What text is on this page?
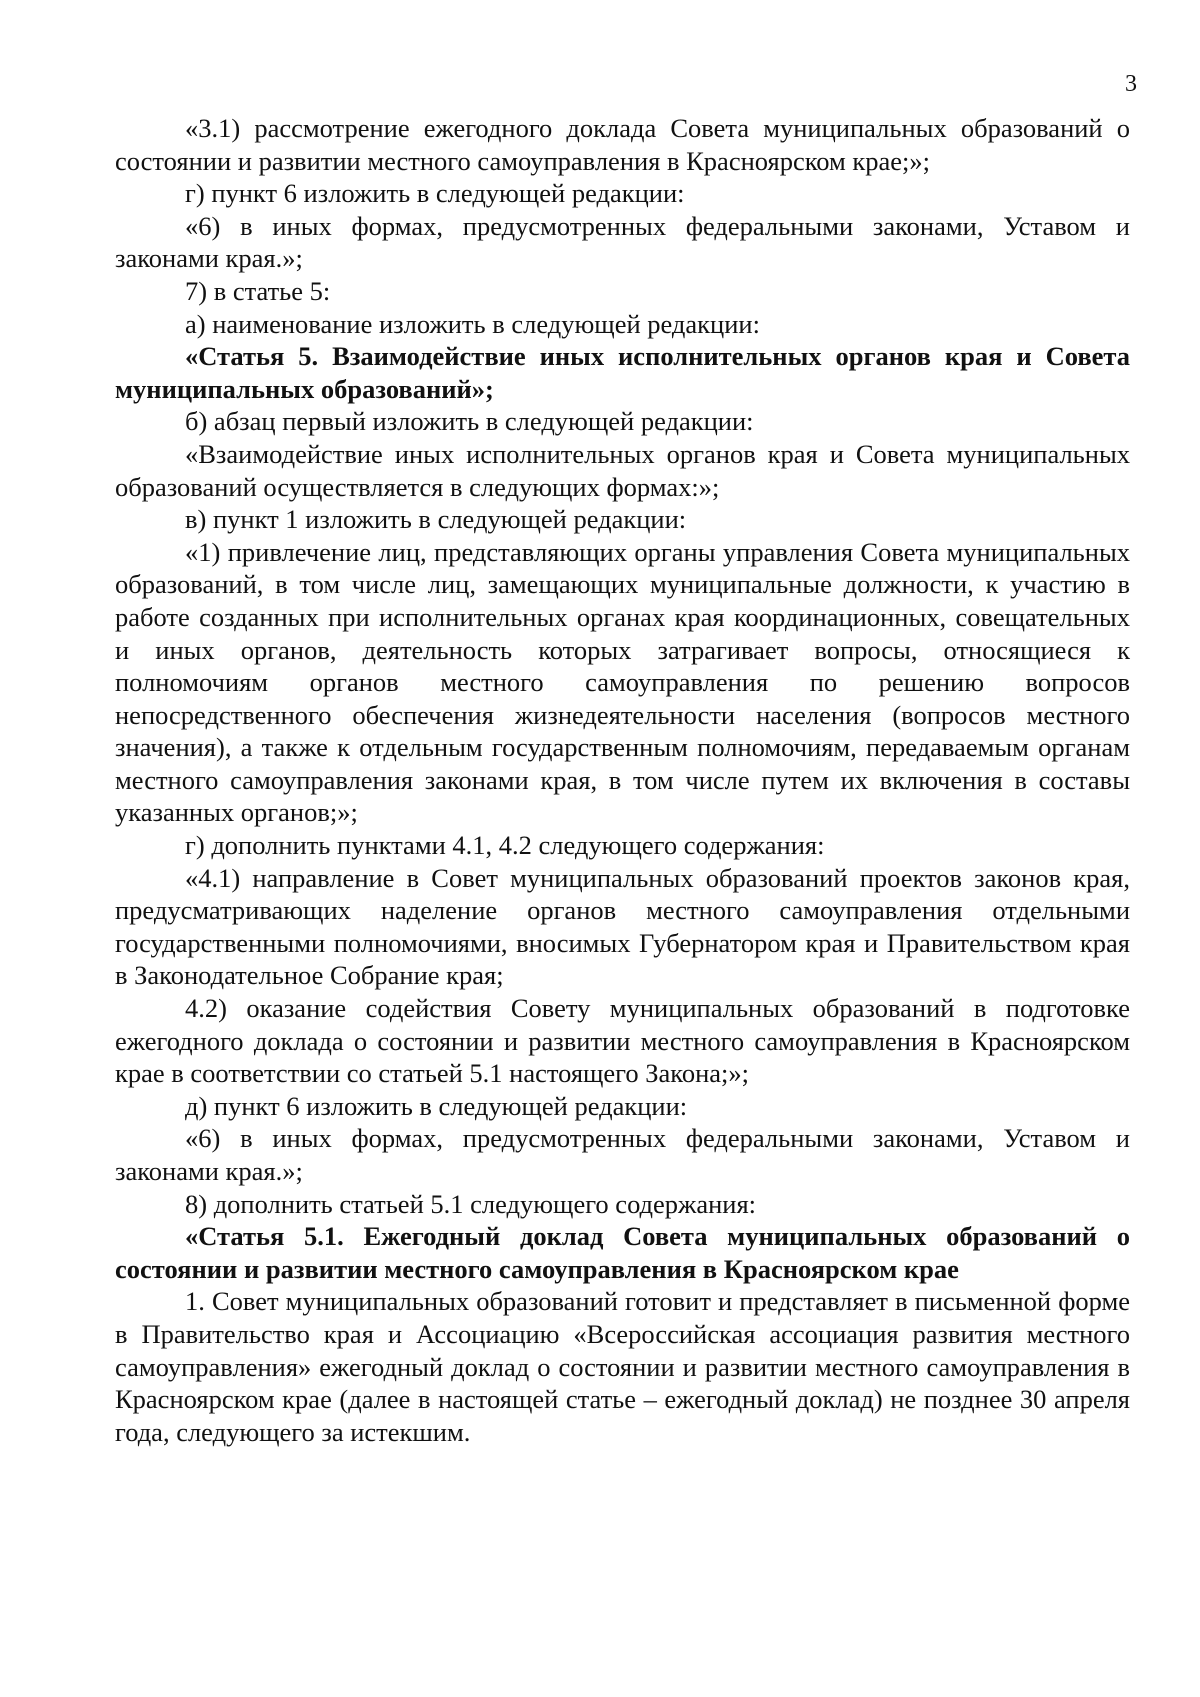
3

«3.1) рассмотрение ежегодного доклада Совета муниципальных образований о состоянии и развитии местного самоуправления в Красноярском крае;»;

г) пункт 6 изложить в следующей редакции:

«6) в иных формах, предусмотренных федеральными законами, Уставом и законами края.»;

7) в статье 5:

а) наименование изложить в следующей редакции:

«Статья 5. Взаимодействие иных исполнительных органов края и Совета муниципальных образований»;

б) абзац первый изложить в следующей редакции:

«Взаимодействие иных исполнительных органов края и Совета муниципальных образований осуществляется в следующих формах:»;

в) пункт 1 изложить в следующей редакции:

«1) привлечение лиц, представляющих органы управления Совета муниципальных образований, в том числе лиц, замещающих муниципальные должности, к участию в работе созданных при исполнительных органах края координационных, совещательных и иных органов, деятельность которых затрагивает вопросы, относящиеся к полномочиям органов местного самоуправления по решению вопросов непосредственного обеспечения жизнедеятельности населения (вопросов местного значения), а также к отдельным государственным полномочиям, передаваемым органам местного самоуправления законами края, в том числе путем их включения в составы указанных органов;»;

г) дополнить пунктами 4.1, 4.2 следующего содержания:

«4.1) направление в Совет муниципальных образований проектов законов края, предусматривающих наделение органов местного самоуправления отдельными государственными полномочиями, вносимых Губернатором края и Правительством края в Законодательное Собрание края;

4.2) оказание содействия Совету муниципальных образований в подготовке ежегодного доклада о состоянии и развитии местного самоуправления в Красноярском крае в соответствии со статьей 5.1 настоящего Закона;»;

д) пункт 6 изложить в следующей редакции:

«6) в иных формах, предусмотренных федеральными законами, Уставом и законами края.»;

8) дополнить статьей 5.1 следующего содержания:

«Статья 5.1. Ежегодный доклад Совета муниципальных образований о состоянии и развитии местного самоуправления в Красноярском крае

1. Совет муниципальных образований готовит и представляет в письменной форме в Правительство края и Ассоциацию «Всероссийская ассоциация развития местного самоуправления» ежегодный доклад о состоянии и развитии местного самоуправления в Красноярском крае (далее в настоящей статье – ежегодный доклад) не позднее 30 апреля года, следующего за истекшим.
